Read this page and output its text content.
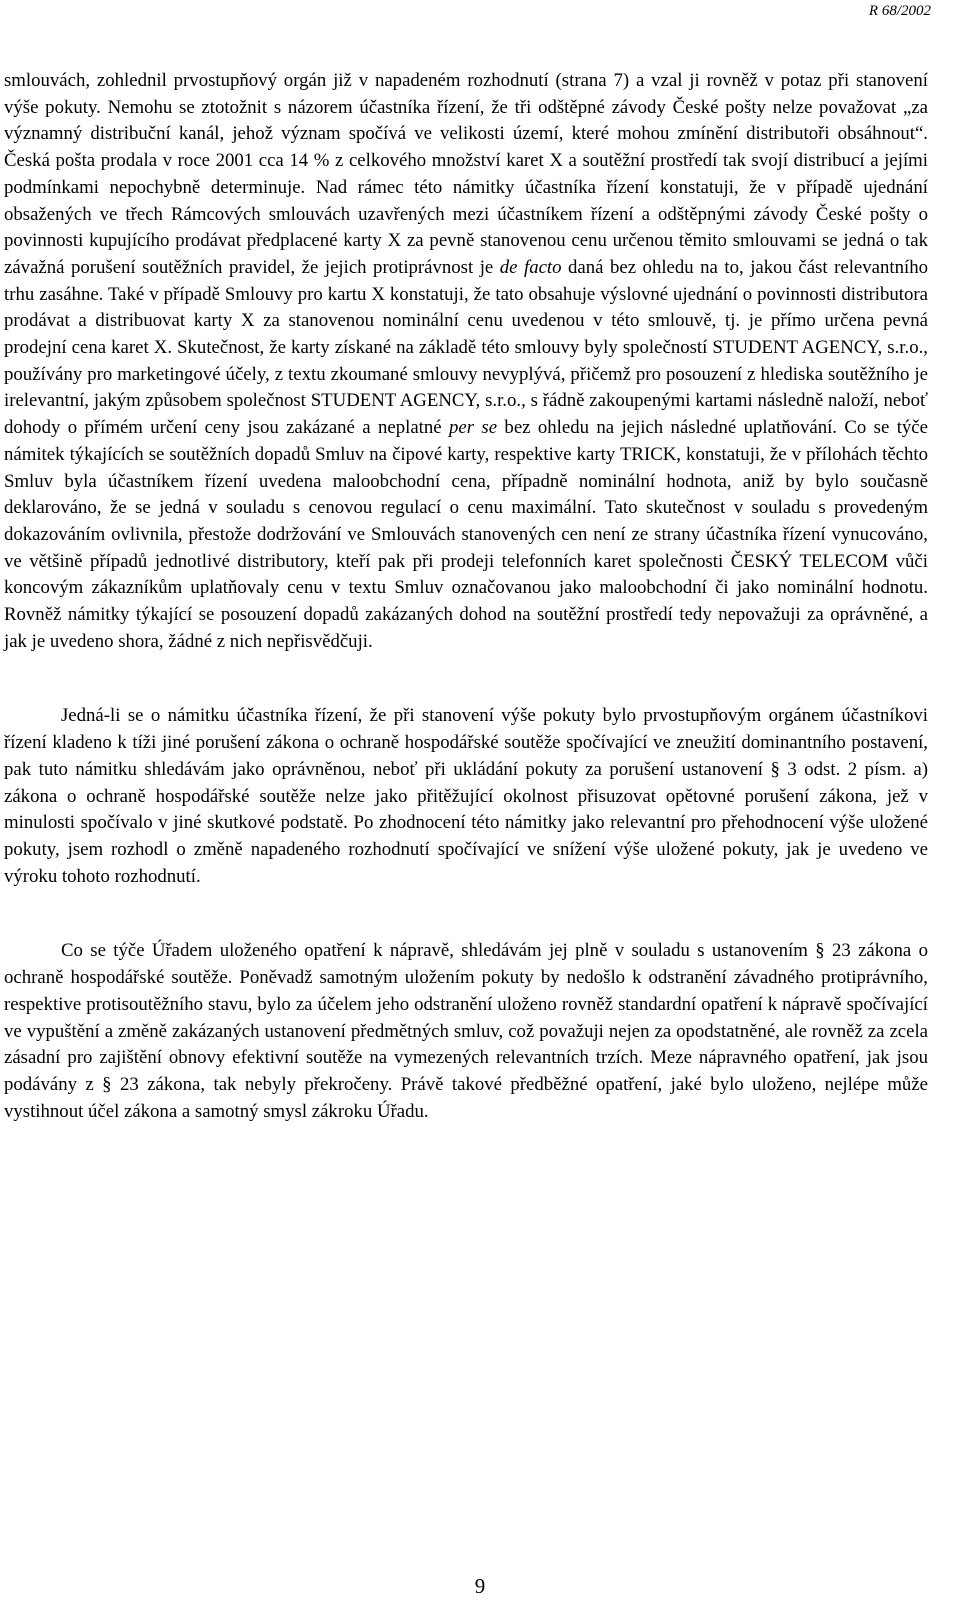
R 68/2002

smlouvách, zohlednil prvostupňový orgán již v napadeném rozhodnutí (strana 7) a vzal ji rovněž v potaz při stanovení výše pokuty. Nemohu se ztotožnit s názorem účastníka řízení, že tři odštěpné závody České pošty nelze považovat „za významný distribuční kanál, jehož význam spočívá ve velikosti území, které mohou zmínění distributoři obsáhnout“. Česká pošta prodala v roce 2001 cca 14 % z celkového množství karet X a soutěžní prostředí tak svojí distribucí a jejími podmínkami nepochybně determinuje. Nad rámec této námitky účastníka řízení konstatuji, že v případě ujednání obsažených ve třech Rámcových smlouvách uzavřených mezi účastníkem řízení a odštěpnými závody České pošty o povinnosti kupujícího prodávat předplacené karty X za pevně stanovenou cenu určenou těmito smlouvami se jedná o tak závažná porušení soutěžních pravidel, že jejich protiprávnost je de facto daná bez ohledu na to, jakou část relevantního trhu zasáhne. Také v případě Smlouvy pro kartu X konstatuji, že tato obsahuje výslovné ujednání o povinnosti distributora prodávat a distribuovat karty X za stanovenou nominální cenu uvedenou v této smlouvě, tj. je přímo určena pevná prodejní cena karet X. Skutečnost, že karty získané na základě této smlouvy byly společností STUDENT AGENCY, s.r.o., používány pro marketingové účely, z textu zkoumané smlouvy nevyplývá, přičemž pro posouzení z hlediska soutěžního je irelevantní, jakým způsobem společnost STUDENT AGENCY, s.r.o., s řádně zakoupenými kartami následně naloží, neboť dohody o přímém určení ceny jsou zakázané a neplatné per se bez ohledu na jejich následné uplatňování. Co se týče námitek týkajících se soutěžních dopadů Smluv na čipové karty, respektive karty TRICK, konstatuji, že v přílohách těchto Smluv byla účastníkem řízení uvedena maloobchodní cena, případně nominální hodnota, aniž by bylo současně deklarováno, že se jedná v souladu s cenovou regulací o cenu maximální. Tato skutečnost v souladu s provedeným dokazováním ovlivnila, přestože dodržování ve Smlouvách stanovených cen není ze strany účastníka řízení vynucováno, ve většině případů jednotlivé distributory, kteří pak při prodeji telefonních karet společnosti ČESKÝ TELECOM vůči koncovým zákazníkům uplatňovaly cenu v textu Smluv označovanou jako maloobchodní či jako nominální hodnotu. Rovněž námitky týkající se posouzení dopadů zakázaných dohod na soutěžní prostředí tedy nepovažuji za oprávněné, a jak je uvedeno shora, žádné z nich nepřisvědčuji.

Jedná-li se o námitku účastníka řízení, že při stanovení výše pokuty bylo prvostupňovým orgánem účastníkovi řízení kladeno k tíži jiné porušení zákona o ochraně hospodářské soutěže spočívající ve zneužití dominantního postavení, pak tuto námitku shledávám jako oprávněnou, neboť při ukládání pokuty za porušení ustanovení § 3 odst. 2 písm. a) zákona o ochraně hospodářské soutěže nelze jako přitěžující okolnost přisuzovat opětovné porušení zákona, jež v minulosti spočívalo v jiné skutkové podstatě. Po zhodnocení této námitky jako relevantní pro přehodnocení výše uložené pokuty, jsem rozhodl o změně napadeného rozhodnutí spočívající ve snížení výše uložené pokuty, jak je uvedeno ve výroku tohoto rozhodnutí.

Co se týče Úřadem uloženého opatření k nápravě, shledávám jej plně v souladu s ustanovením § 23 zákona o ochraně hospodářské soutěže. Poněvadž samotným uložením pokuty by nedošlo k odstranění závadného protiprávního, respektive protisoutěžního stavu, bylo za účelem jeho odstranění uloženo rovněž standardní opatření k nápravě spočívající ve vypuštění a změně zakázaných ustanovení předmětných smluv, což považuji nejen za opodstatněné, ale rovněž za zcela zásadní pro zajištění obnovy efektivní soutěže na vymezených relevantních trzích. Meze nápravného opatření, jak jsou podávány z § 23 zákona, tak nebyly překročeny. Právě takové předběžné opatření, jaké bylo uloženo, nejlépe může vystihnout účel zákona a samotný smysl zákroku Úřadu.

9
